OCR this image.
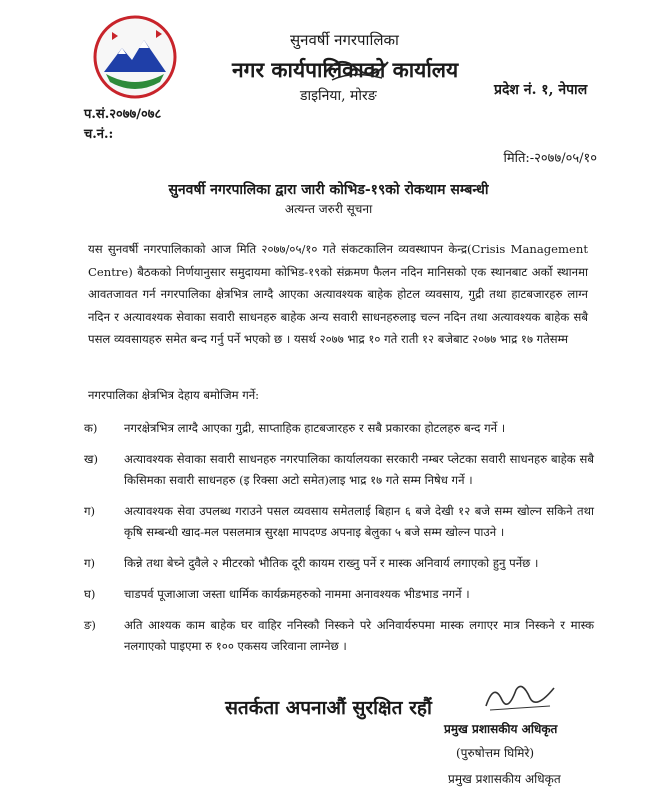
सुनवर्षी नगरपालिका
नगर कार्यपालिकाको कार्यालय
डाइनिया, मोरङ	प्रदेश नं. १, नेपाल
प.सं.२०७७/०७८
च.नं.:
मिति:-२०७७/०५/१०
सुनवर्षी नगरपालिका द्वारा जारी कोभिड-१९को रोकथाम सम्बन्धी
अत्यन्त जरुरी सूचना

यस सुनवर्षी नगरपालिकाको आज मिति २०७७/०५/१० गते संकटकालिन व्यवस्थापन केन्द्र(Crisis Management Centre) बैठकको निर्णयानुसार समुदायमा कोभिड-१९को संक्रमण फैलन नदिन मानिसको एक स्थानबाट अर्को स्थानमा आवतजावत गर्न नगरपालिका क्षेत्रभित्र लाग्दै आएका अत्यावश्यक बाहेक होटल व्यवसाय, गुद्री तथा हाटबजारहरु लाग्न नदिन र अत्यावश्यक सेवाका सवारी साधनहरु बाहेक अन्य सवारी साधनहरुलाइ चल्न नदिन तथा अत्यावश्यक बाहेक सबै पसल व्यवसायहरु समेत बन्द गर्नु पर्ने भएको छ । यसर्थ २०७७ भाद्र १० गते राती १२ बजेबाट २०७७ भाद्र १७ गतेसम्म

नगरपालिका क्षेत्रभित्र देहाय बमोजिम गर्ने:

क)	नगरक्षेत्रभित्र लाग्दै आएका गुद्री, साप्ताहिक हाटबजारहरु र सबै प्रकारका होटलहरु बन्द गर्ने ।
ख)	अत्यावश्यक सेवाका सवारी साधनहरु नगरपालिका कार्यालयका सरकारी नम्बर प्लेटका सवारी साधनहरु बाहेक सबै किसिमका सवारी साधनहरु (इ रिक्सा अटो समेत)लाइ भाद्र १७ गते सम्म निषेध गर्ने ।
ग)	अत्यावश्यक सेवा उपलब्ध गराउने पसल व्यवसाय समेतलाई बिहान ६ बजे देखी १२ बजे सम्म खोल्न सकिने तथा कृषि सम्बन्धी खाद-मल पसलमात्र सुरक्षा मापदण्ड अपनाइ बेलुका ५ बजे सम्म खोल्न पाउने ।
ग)	किन्ने तथा बेच्ने दुवैले २ मीटरको भौतिक दूरी कायम राख्नु पर्ने र मास्क अनिवार्य लगाएको हुनु पर्नेछ ।
घ)	चाडपर्व पूजाआजा जस्ता धार्मिक कार्यक्रमहरुको नाममा अनावश्यक भीडभाड नगर्ने ।
ङ)	अति आश्यक काम बाहेक घर वाहिर ननिस्कौ निस्कने परे अनिवार्यरुपमा मास्क लगाएर मात्र निस्कने र मास्क नलगाएको पाइएमा रु १०० एकसय जरिवाना लाग्नेछ ।
सतर्कता अपनाऔं सुरक्षित रहौं
प्रमुख प्रशासकीय अधिकृत
(पुरुषोत्तम घिमिरे)
प्रमुख प्रशासकीय अधिकृत
